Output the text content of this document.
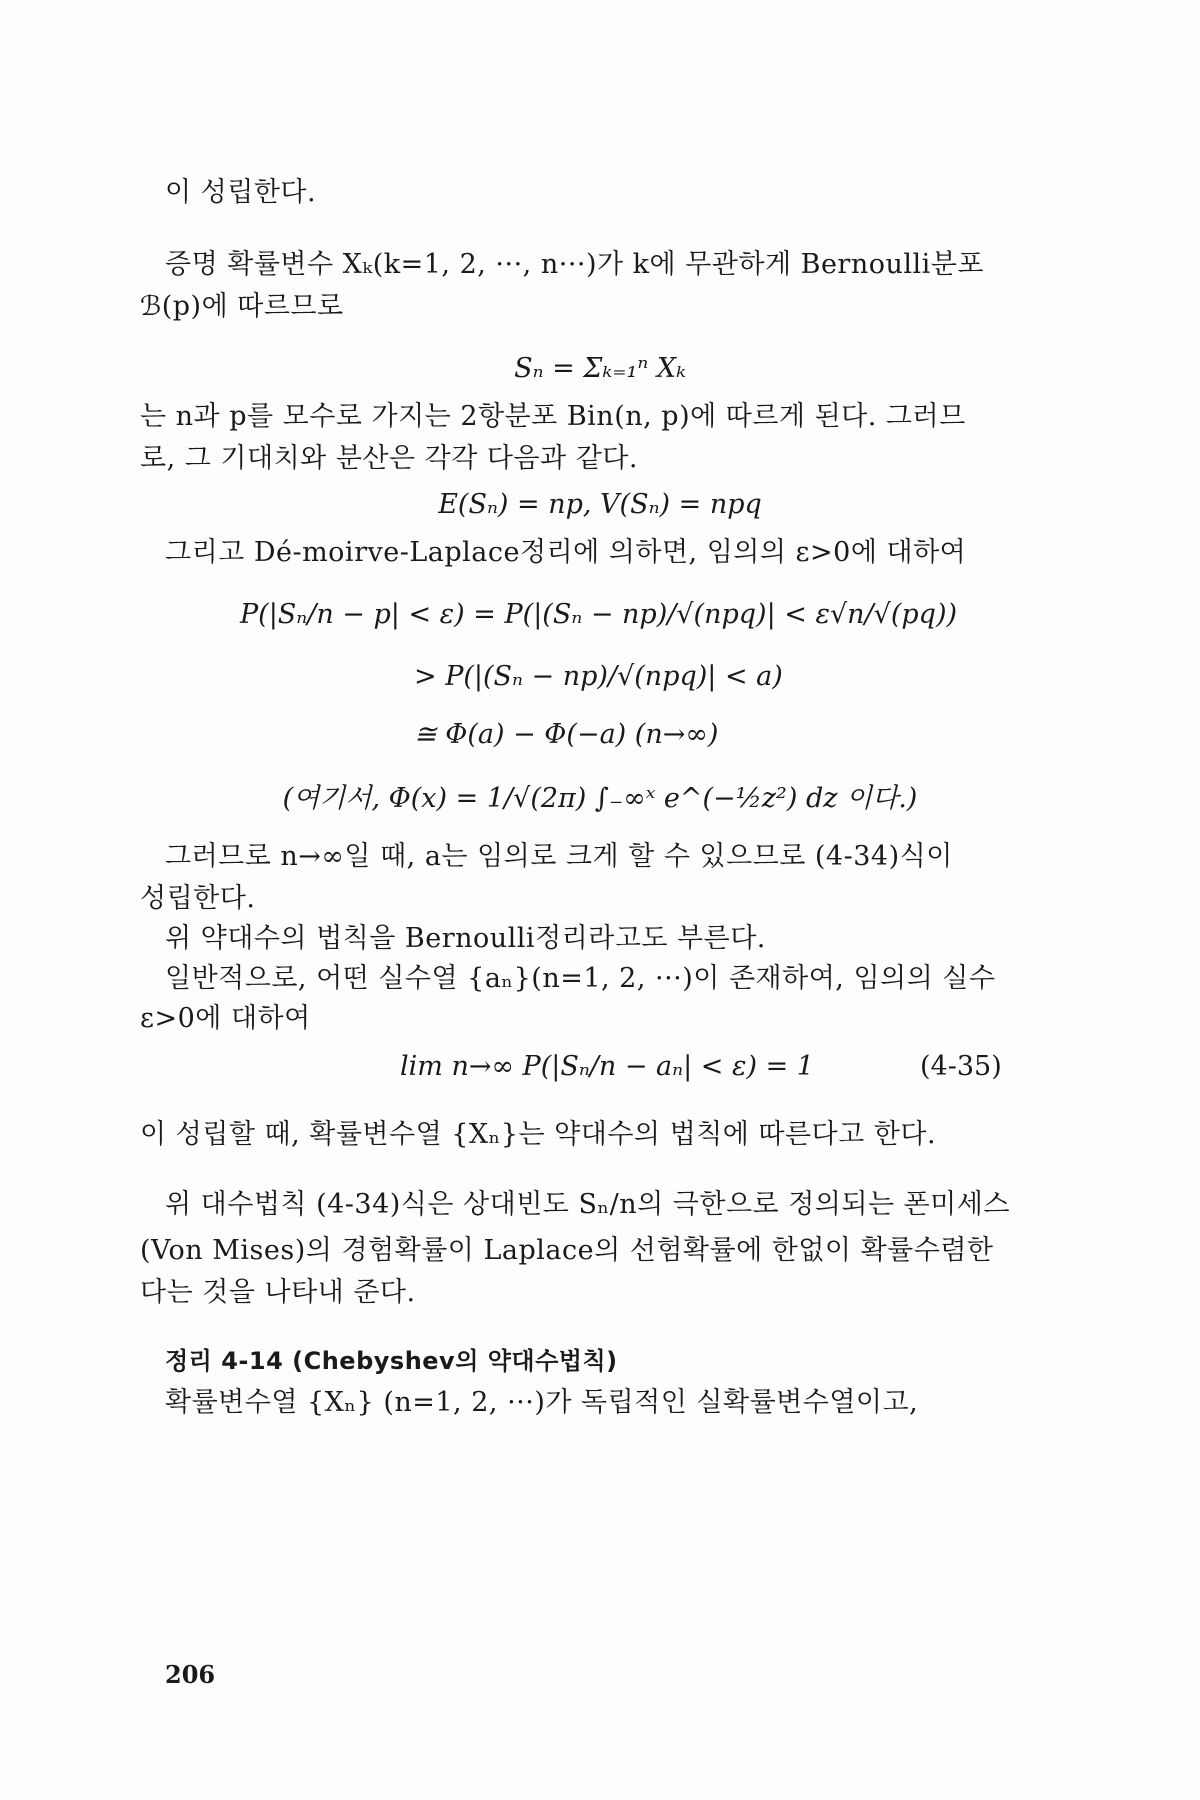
이 성립한다.
증명 확률변수 Xₖ(k=1, 2, ···, n···)가 k에 무관하게 Bernoulli분포
ℬ(p)에 따르므로
Sₙ = Σₖ₌₁ⁿ Xₖ
는 n과 p를 모수로 가지는 2항분포 Bin(n, p)에 따르게 된다. 그러므
로, 그 기대치와 분산은 각각 다음과 같다.
E(Sₙ) = np, V(Sₙ) = npq
그리고 Dé-moirve-Laplace정리에 의하면, 임의의 ε>0에 대하여
P(|Sₙ/n − p| < ε) = P(|(Sₙ − np)/√(npq)| < ε√n/√(pq))
> P(|(Sₙ − np)/√(npq)| < a)
≅ Φ(a) − Φ(−a) (n→∞)
(여기서, Φ(x) = 1/√(2π) ∫₋∞ˣ e^(−½z²) dz 이다.)
그러므로 n→∞일 때, a는 임의로 크게 할 수 있으므로 (4-34)식이
성립한다.
위 약대수의 법칙을 Bernoulli정리라고도 부른다.
일반적으로, 어떤 실수열 {aₙ}(n=1, 2, ···)이 존재하여, 임의의 실수
ε>0에 대하여
lim n→∞ P(|Sₙ/n − aₙ| < ε) = 1	(4-35)
이 성립할 때, 확률변수열 {Xₙ}는 약대수의 법칙에 따른다고 한다.
위 대수법칙 (4-34)식은 상대빈도 Sₙ/n의 극한으로 정의되는 폰미세스
(Von Mises)의 경험확률이 Laplace의 선험확률에 한없이 확률수렴한
다는 것을 나타내 준다.
정리 4-14 (Chebyshev의 약대수법칙)
확률변수열 {Xₙ} (n=1, 2, ···)가 독립적인 실확률변수열이고,
206
